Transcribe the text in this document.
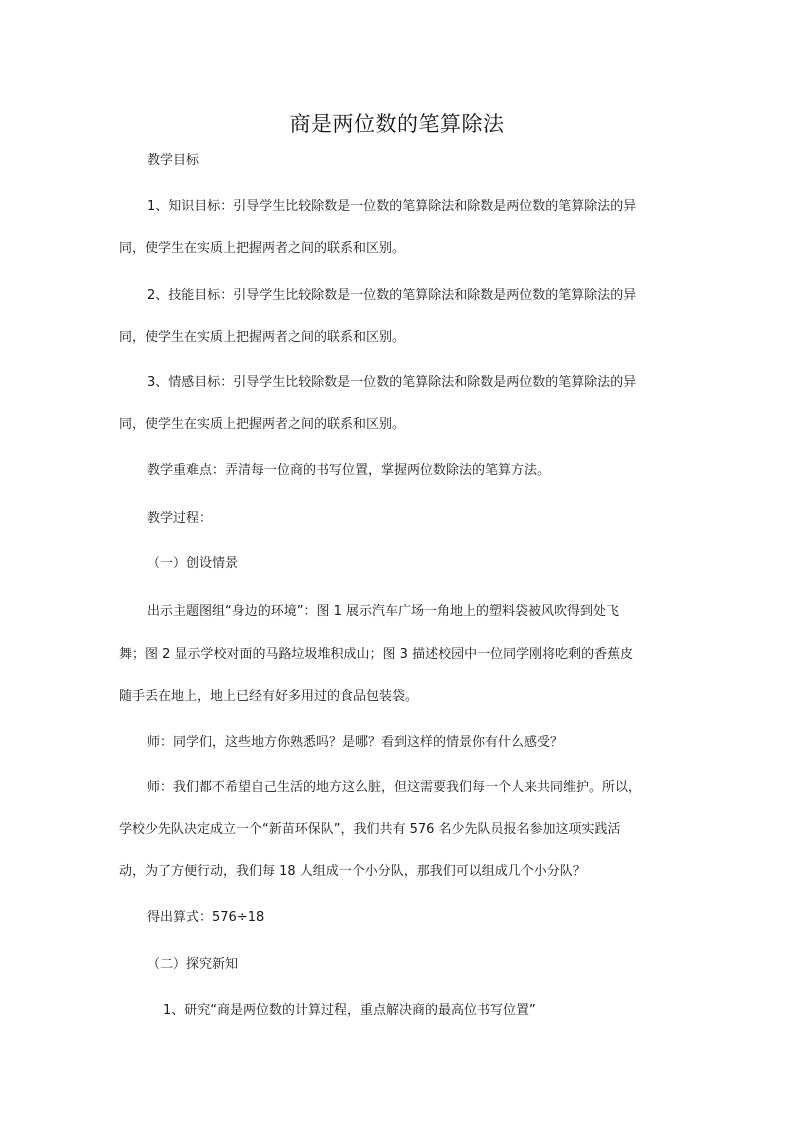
商是两位数的笔算除法
教学目标
1、知识目标：引导学生比较除数是一位数的笔算除法和除数是两位数的笔算除法的异
同，使学生在实质上把握两者之间的联系和区别。
2、技能目标：引导学生比较除数是一位数的笔算除法和除数是两位数的笔算除法的异
同，使学生在实质上把握两者之间的联系和区别。
3、情感目标：引导学生比较除数是一位数的笔算除法和除数是两位数的笔算除法的异
同，使学生在实质上把握两者之间的联系和区别。
教学重难点：弄清每一位商的书写位置，掌握两位数除法的笔算方法。
教学过程：
（一）创设情景
出示主题图组“身边的环境”：图 1 展示汽车广场一角地上的塑料袋被风吹得到处飞
舞；图 2 显示学校对面的马路垃圾堆积成山；图 3 描述校园中一位同学刚将吃剩的香蕉皮
随手丢在地上，地上已经有好多用过的食品包装袋。
师：同学们，这些地方你熟悉吗？是哪？看到这样的情景你有什么感受？
师：我们都不希望自己生活的地方这么脏，但这需要我们每一个人来共同维护。所以，
学校少先队决定成立一个“新苗环保队”，我们共有 576 名少先队员报名参加这项实践活
动，为了方便行动，我们每 18 人组成一个小分队，那我们可以组成几个小分队？
得出算式：576÷18
（二）探究新知
1、研究“商是两位数的计算过程，重点解决商的最高位书写位置”
